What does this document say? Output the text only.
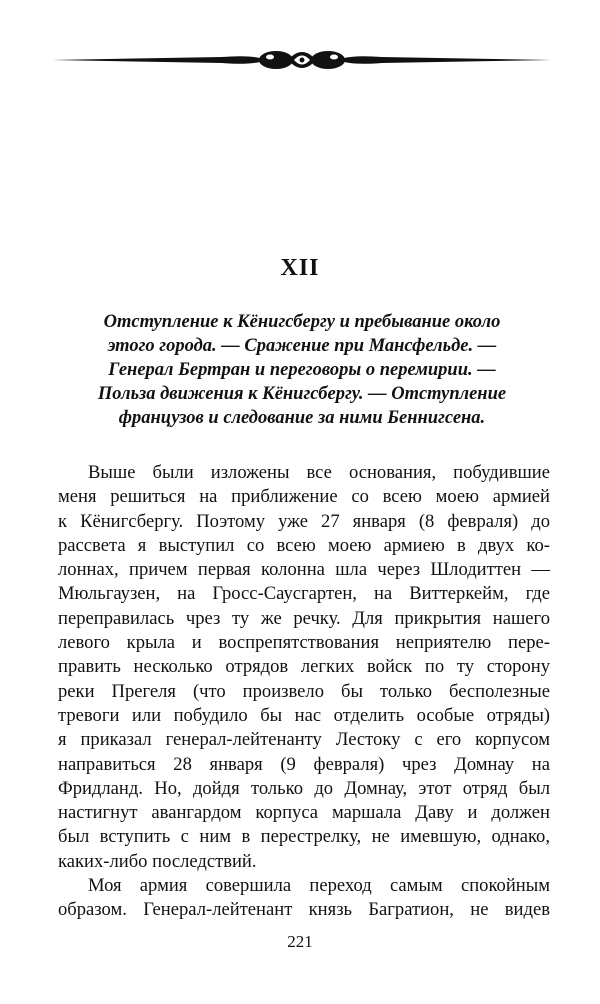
XII
Отступление к Кёнигсбергу и пребывание около
этого города. — Сражение при Мансфельде. —
Генерал Бертран и переговоры о перемирии. —
Польза движения к Кёнигсбергу. — Отступление
французов и следование за ними Беннигсена.
Выше были изложены все основания, побудившие
меня решиться на приближение со всею моею армией
к Кёнигсбергу. Поэтому уже 27 января (8 февраля) до
рассвета я выступил со всею моею армиею в двух ко-
лоннах, причем первая колонна шла через Шлодиттен —
Мюльгаузен, на Гросс-Саусгартен, на Виттеркейм, где
переправилась чрез ту же речку. Для прикрытия нашего
левого крыла и воспрепятствования неприятелю пере-
править несколько отрядов легких войск по ту сторону
реки Прегеля (что произвело бы только бесполезные
тревоги или побудило бы нас отделить особые отряды)
я приказал генерал-лейтенанту Лестоку с его корпусом
направиться 28 января (9 февраля) чрез Домнау на
Фридланд. Но, дойдя только до Домнау, этот отряд был
настигнут авангардом корпуса маршала Даву и должен
был вступить с ним в перестрелку, не имевшую, однако,
каких-либо последствий.
Моя армия совершила переход самым спокойным
образом. Генерал-лейтенант князь Багратион, не видев
221
